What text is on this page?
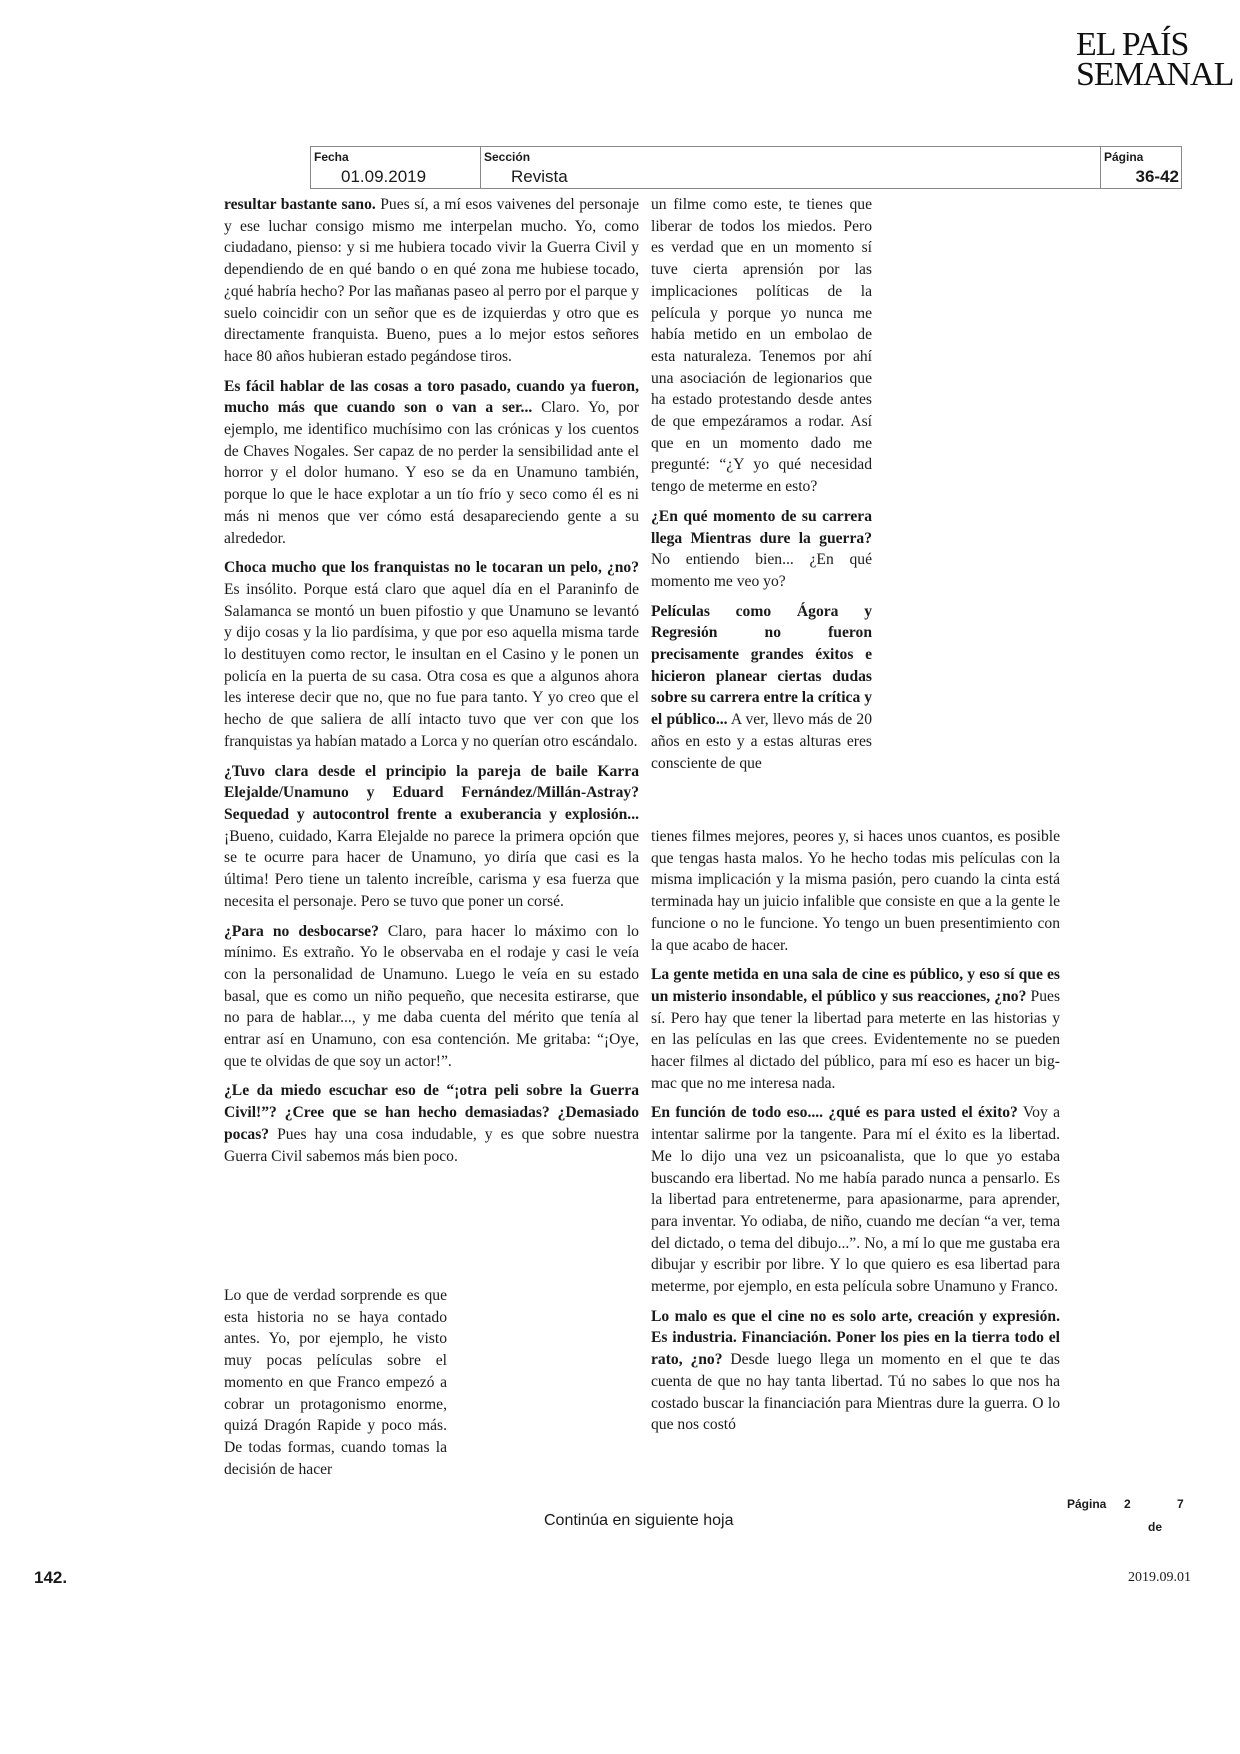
EL PAÍS
SEMANAL
Fecha
01.09.2019
Sección
Revista
Página
36-42

resultar bastante sano. Pues sí, a mí esos vaivenes del personaje y ese luchar consigo mismo me interpelan mucho. Yo, como ciudadano, pienso: y si me hubiera tocado vivir la Guerra Civil y dependiendo de en qué bando o en qué zona me hubiese tocado, ¿qué habría hecho? Por las mañanas paseo al perro por el parque y suelo coincidir con un señor que es de izquierdas y otro que es directamente franquista. Bueno, pues a lo mejor estos señores hace 80 años hubieran estado pegándose tiros.

Es fácil hablar de las cosas a toro pasado, cuando ya fueron, mucho más que cuando son o van a ser... Claro. Yo, por ejemplo, me identifico muchísimo con las crónicas y los cuentos de Chaves Nogales. Ser capaz de no perder la sensibilidad ante el horror y el dolor humano. Y eso se da en Unamuno también, porque lo que le hace explotar a un tío frío y seco como él es ni más ni menos que ver cómo está desapareciendo gente a su alrededor.

Choca mucho que los franquistas no le tocaran un pelo, ¿no? Es insólito. Porque está claro que aquel día en el Paraninfo de Salamanca se montó un buen pifostio y que Unamuno se levantó y dijo cosas y la lio pardísima, y que por eso aquella misma tarde lo destituyen como rector, le insultan en el Casino y le ponen un policía en la puerta de su casa. Otra cosa es que a algunos ahora les interese decir que no, que no fue para tanto. Y yo creo que el hecho de que saliera de allí intacto tuvo que ver con que los franquistas ya habían matado a Lorca y no querían otro escándalo.

¿Tuvo clara desde el principio la pareja de baile Karra Elejalde/Unamuno y Eduard Fernández/Millán-Astray? Sequedad y autocontrol frente a exuberancia y explosión... ¡Bueno, cuidado, Karra Elejalde no parece la primera opción que se te ocurre para hacer de Unamuno, yo diría que casi es la última! Pero tiene un talento increíble, carisma y esa fuerza que necesita el personaje. Pero se tuvo que poner un corsé.

¿Para no desbocarse? Claro, para hacer lo máximo con lo mínimo. Es extraño. Yo le observaba en el rodaje y casi le veía con la personalidad de Unamuno. Luego le veía en su estado basal, que es como un niño pequeño, que necesita estirarse, que no para de hablar..., y me daba cuenta del mérito que tenía al entrar así en Unamuno, con esa contención. Me gritaba: “¡Oye, que te olvidas de que soy un actor!”.

¿Le da miedo escuchar eso de “¡otra peli sobre la Guerra Civil!”? ¿Cree que se han hecho demasiadas? ¿Demasiado pocas? Pues hay una cosa indudable, y es que sobre nuestra Guerra Civil sabemos más bien poco.

un filme como este, te tienes que liberar de todos los miedos. Pero es verdad que en un momento sí tuve cierta aprensión por las implicaciones políticas de la película y porque yo nunca me había metido en un embolao de esta naturaleza. Tenemos por ahí una asociación de legionarios que ha estado protestando desde antes de que empezáramos a rodar. Así que en un momento dado me pregunté: “¿Y yo qué necesidad tengo de meterme en esto?

¿En qué momento de su carrera llega Mientras dure la guerra? No entiendo bien... ¿En qué momento me veo yo?

Películas como Ágora y Regresión no fueron precisamente grandes éxitos e hicieron planear ciertas dudas sobre su carrera entre la crítica y el público... A ver, llevo más de 20 años en esto y a estas alturas eres consciente de que

tienes filmes mejores, peores y, si haces unos cuantos, es posible que tengas hasta malos. Yo he hecho todas mis películas con la misma implicación y la misma pasión, pero cuando la cinta está terminada hay un juicio infalible que consiste en que a la gente le funcione o no le funcione. Yo tengo un buen presentimiento con la que acabo de hacer.

La gente metida en una sala de cine es público, y eso sí que es un misterio insondable, el público y sus reacciones, ¿no? Pues sí. Pero hay que tener la libertad para meterte en las historias y en las películas en las que crees. Evidentemente no se pueden hacer filmes al dictado del público, para mí eso es hacer un big-mac que no me interesa nada.

En función de todo eso.... ¿qué es para usted el éxito? Voy a intentar salirme por la tangente. Para mí el éxito es la libertad. Me lo dijo una vez un psicoanalista, que lo que yo estaba buscando era libertad. No me había parado nunca a pensarlo. Es la libertad para entretenerme, para apasionarme, para aprender, para inventar. Yo odiaba, de niño, cuando me decían “a ver, tema del dictado, o tema del dibujo...”. No, a mí lo que me gustaba era dibujar y escribir por libre. Y lo que quiero es esa libertad para meterme, por ejemplo, en esta película sobre Unamuno y Franco.

Lo malo es que el cine no es solo arte, creación y expresión. Es industria. Financiación. Poner los pies en la tierra todo el rato, ¿no? Desde luego llega un momento en el que te das cuenta de que no hay tanta libertad. Tú no sabes lo que nos ha costado buscar la financiación para Mientras dure la guerra. O lo que nos costó

Lo que de verdad sorprende es que esta historia no se haya contado antes. Yo, por ejemplo, he visto muy pocas películas sobre el momento en que Franco empezó a cobrar un protagonismo enorme, quizá Dragón Rapide y poco más. De todas formas, cuando tomas la decisión de hacer

Continúa en siguiente hoja
Página 2
de
7
142.	2019.09.01
